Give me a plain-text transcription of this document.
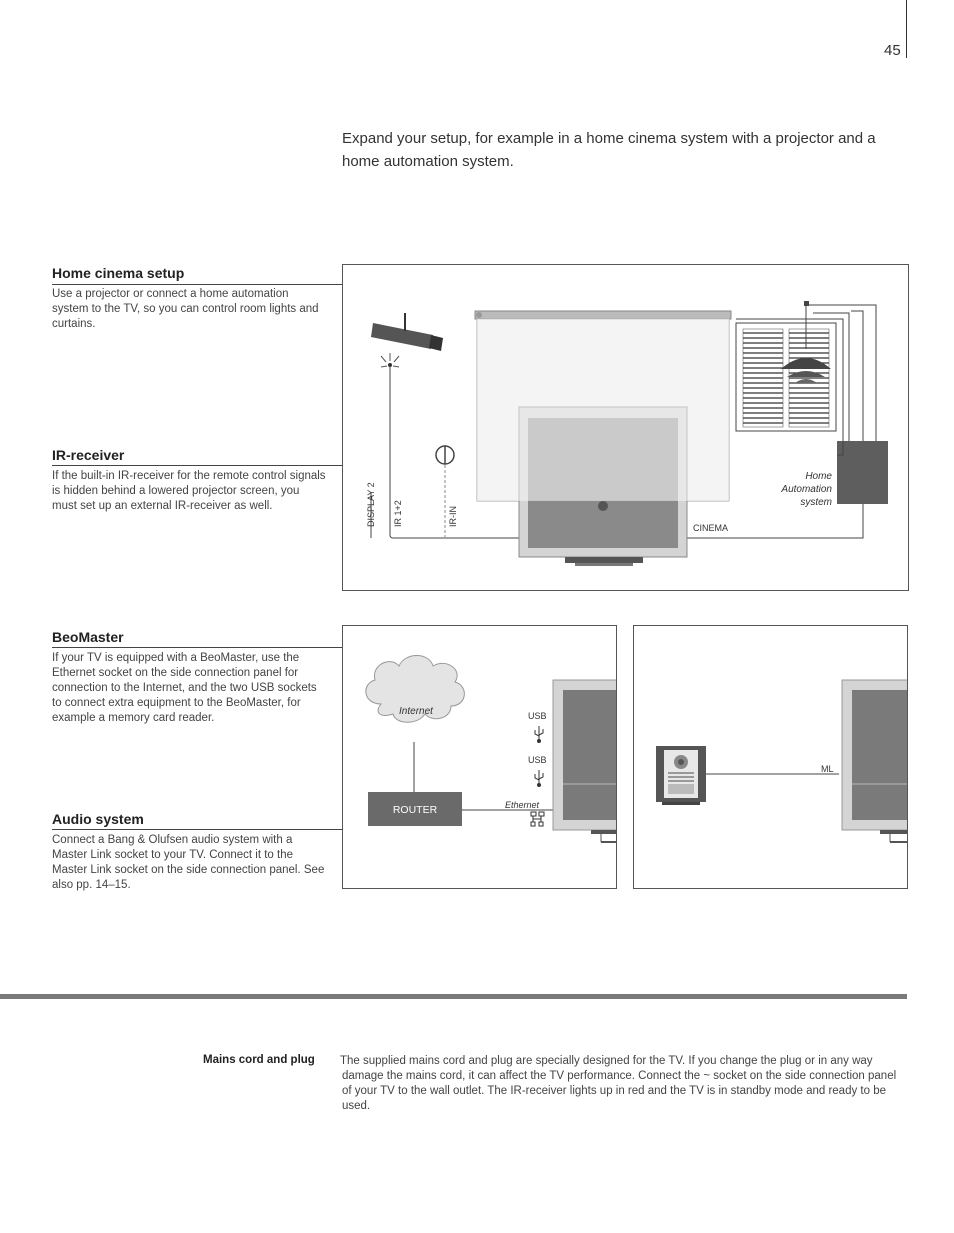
45
Expand your setup, for example in a home cinema system with a projector and a home automation system.
Home cinema setup
Use a projector or connect a home automation system to the TV, so you can control room lights and curtains.
IR-receiver
If the built-in IR-receiver for the remote control signals is hidden behind a lowered projector screen, you must set up an external IR-receiver as well.
BeoMaster
If your TV is equipped with a BeoMaster, use the Ethernet socket on the side connection panel for connection to the Internet, and the two USB sockets to connect extra equipment to the BeoMaster, for example a memory card reader.
Audio system
Connect a Bang & Olufsen audio system with a Master Link socket to your TV. Connect it to the Master Link socket on the side connection panel. See also pp. 14–15.
DISPLAY 2 IR 1+2	IR-IN
CINEMA
Home
Automation
system
Internet
ROUTER
USB
USB
Ethernet
ML
Mains cord and plug The supplied mains cord and plug are specially designed for the TV. If you change the plug or in any way damage the mains cord, it can affect the TV performance. Connect the ~ socket on the side connection panel of your TV to the wall outlet. The IR-receiver lights up in red and the TV is in standby mode and ready to be used.
